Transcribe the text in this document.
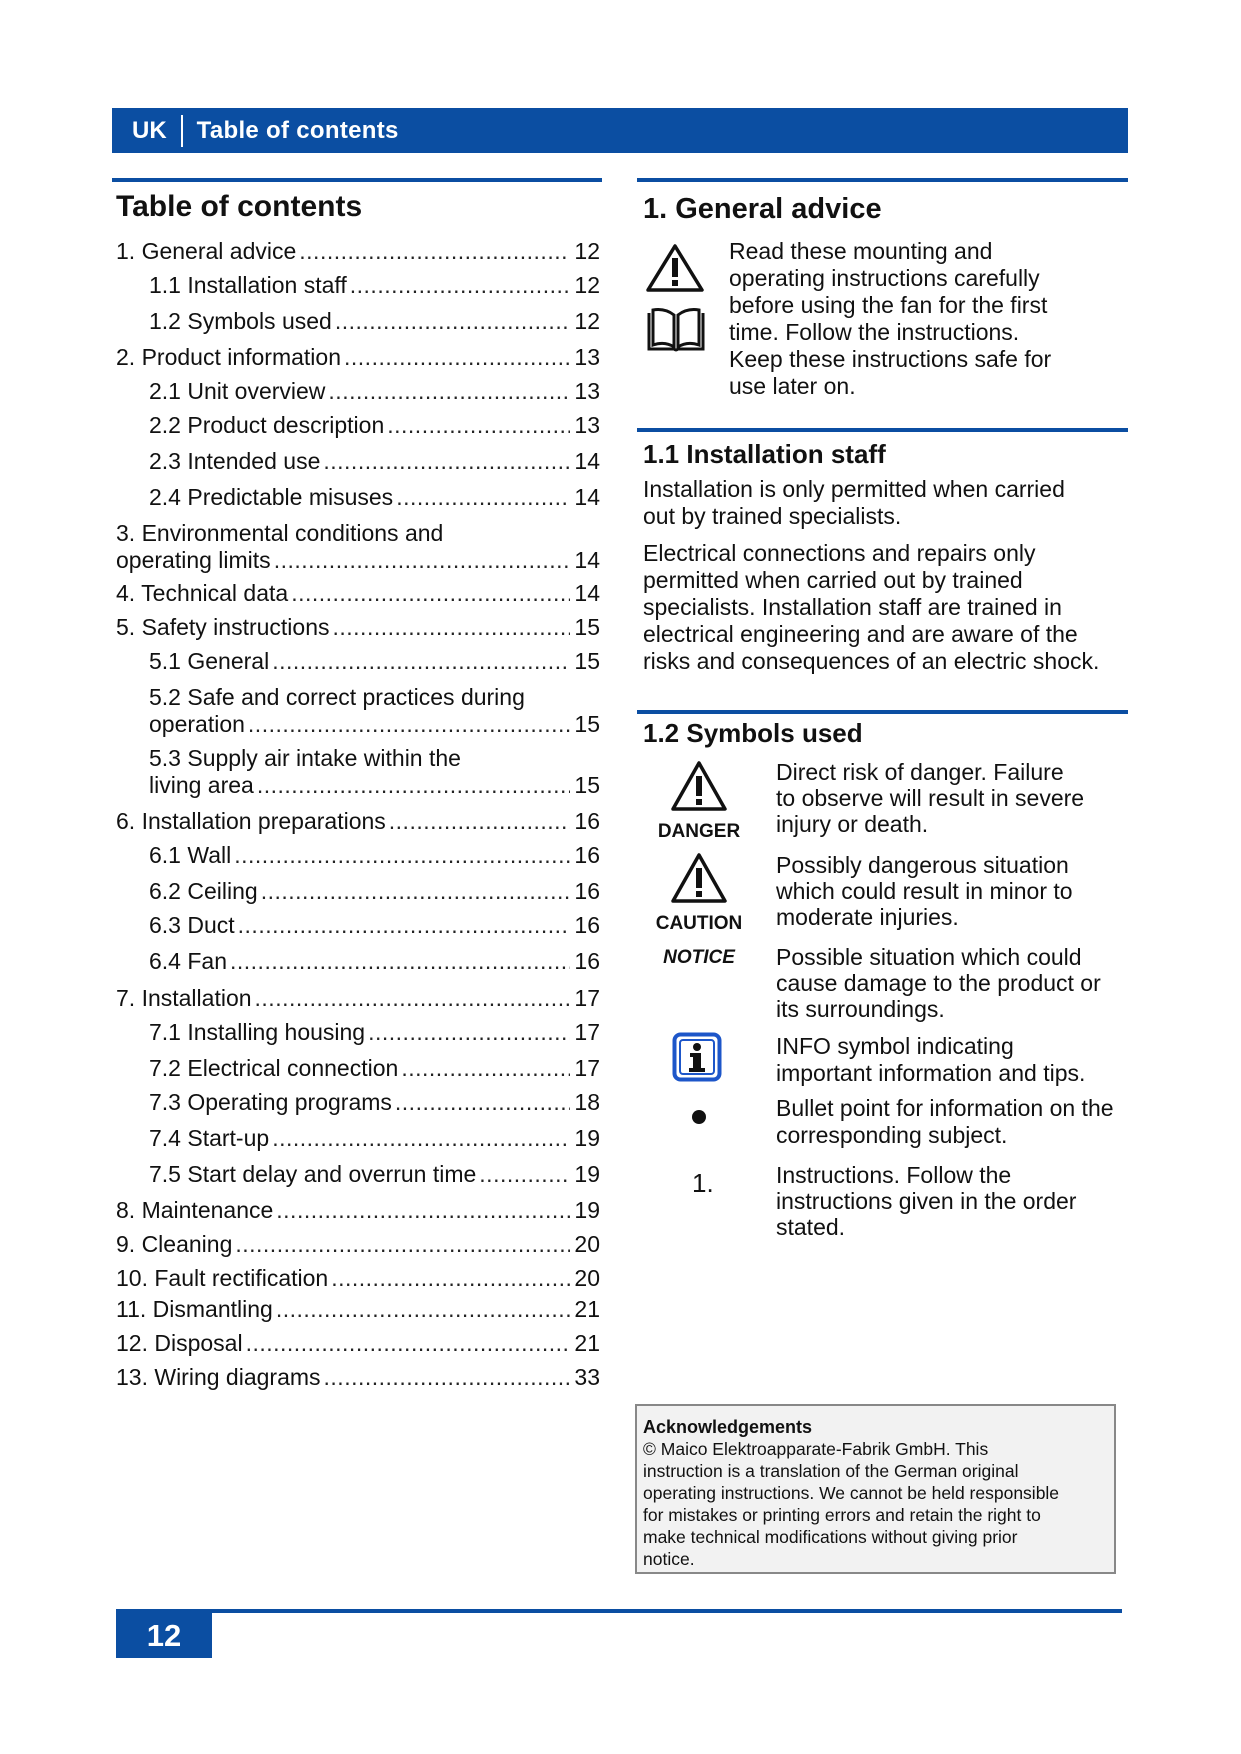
UK	Table of contents
Table of contents
1. General advice .....	12
1.1 Installation staff .....	12
1.2 Symbols used .....	12
2. Product information .....	13
2.1 Unit overview .....	13
2.2 Product description .....	13
2.3 Intended use .....	14
2.4 Predictable misuses .....	14
3. Environmental conditions and
operating limits .....	14
4. Technical data .....	14
5. Safety instructions .....	15
5.1 General .....	15
5.2 Safe and correct practices during
operation .....	15
5.3 Supply air intake within the
living area .....	15
6. Installation preparations .....	16
6.1 Wall .....	16
6.2 Ceiling .....	16
6.3 Duct .....	16
6.4 Fan .....	16
7. Installation .....	17
7.1 Installing housing .....	17
7.2 Electrical connection .....	17
7.3 Operating programs .....	18
7.4 Start-up .....	19
7.5 Start delay and overrun time .....	19
8. Maintenance .....	19
9. Cleaning .....	20
10. Fault rectification .....	20
11. Dismantling .....	21
12. Disposal .....	21
13. Wiring diagrams .....	33
1. General advice
Read these mounting and
operating instructions carefully
before using the fan for the first
time. Follow the instructions.
Keep these instructions safe for
use later on.
1.1 Installation staff
Installation is only permitted when carried
out by trained specialists.
Electrical connections and repairs only
permitted when carried out by trained
specialists. Installation staff are trained in
electrical engineering and are aware of the
risks and consequences of an electric shock.
1.2 Symbols used
DANGER
Direct risk of danger. Failure
to observe will result in severe
injury or death.
CAUTION
Possibly dangerous situation
which could result in minor to
moderate injuries.
NOTICE	Possible situation which could
cause damage to the product or
its surroundings.
INFO symbol indicating
important information and tips.
Bullet point for information on the
corresponding subject.
1.	Instructions. Follow the
instructions given in the order
stated.
Acknowledgements
© Maico Elektroapparate-Fabrik GmbH. This
instruction is a translation of the German original
operating instructions. We cannot be held responsible
for mistakes or printing errors and retain the right to
make technical modifications without giving prior
notice.
12
